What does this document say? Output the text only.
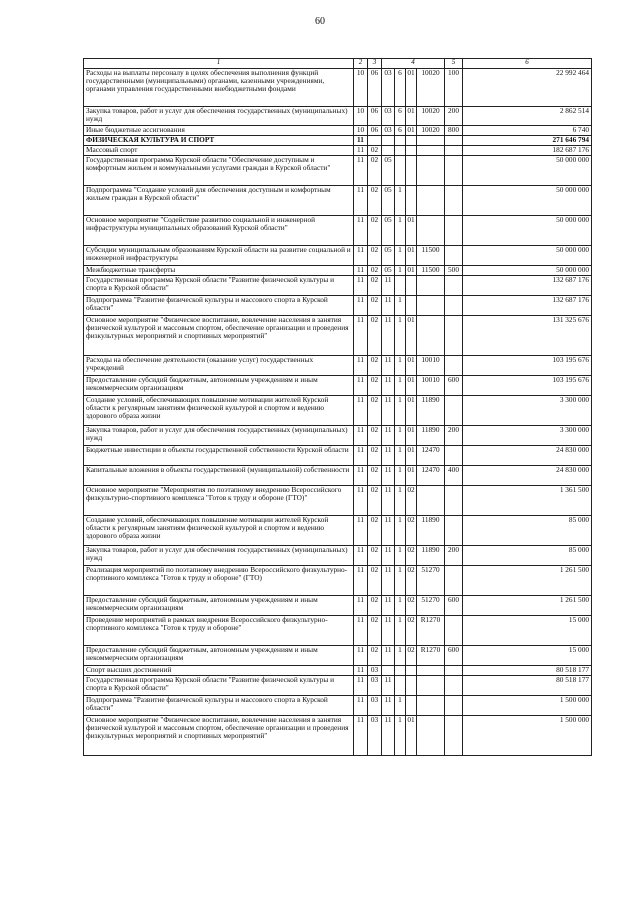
60
1	2	3	4				5	6
Расходы на выплаты персоналу в целях обеспечения выполнения функций государственными (муниципальными) органами, казенными учреждениями, органами управления государственными внебюджетными фондами	10	06	03	6	01	10020	100	22 992 464
Закупка товаров, работ и услуг для обеспечения государственных (муниципальных) нужд	10	06	03	6	01	10020	200	2 862 514
Иные бюджетные ассигнования	10	06	03	6	01	10020	800	6 740
ФИЗИЧЕСКАЯ КУЛЬТУРА И СПОРТ	11							271 646 794
Массовый спорт	11	02						182 687 176
Государственная программа Курской области "Обеспечение доступным и комфортным жильем и коммунальными услугами граждан в Курской области"	11	02	05					50 000 000
Подпрограмма "Создание условий для обеспечения доступным и комфортным жильем граждан в Курской области"	11	02	05	1				50 000 000
Основное мероприятие "Содействие развитию социальной и инженерной инфраструктуры муниципальных образований Курской области"	11	02	05	1	01			50 000 000
Субсидии муниципальным образованиям Курской области на развитие социальной и инженерной инфраструктуры	11	02	05	1	01	11500		50 000 000
Межбюджетные трансферты	11	02	05	1	01	11500	500	50 000 000
Государственная программа Курской области "Развитие физической культуры и спорта в Курской области"	11	02	11					132 687 176
Подпрограмма "Развитие физической культуры и массового спорта в Курской области"	11	02	11	1				132 687 176
Основное мероприятие "Физическое воспитание, вовлечение населения в занятия физической культурой и массовым спортом, обеспечение организации и проведения физкультурных мероприятий и спортивных мероприятий"	11	02	11	1	01			131 325 676
Расходы на обеспечение деятельности (оказание услуг) государственных учреждений	11	02	11	1	01	10010		103 195 676
Предоставление субсидий бюджетным, автономным учреждениям и иным некоммерческим организациям	11	02	11	1	01	10010	600	103 195 676
Создание условий, обеспечивающих повышение мотивации жителей Курской области к регулярным занятиям физической культурой и спортом и ведению здорового образа жизни	11	02	11	1	01	11890		3 300 000
Закупка товаров, работ и услуг для обеспечения государственных (муниципальных) нужд	11	02	11	1	01	11890	200	3 300 000
Бюджетные инвестиции в объекты государственной собственности Курской области	11	02	11	1	01	12470		24 830 000
Капитальные вложения в объекты государственной (муниципальной) собственности	11	02	11	1	01	12470	400	24 830 000
Основное мероприятие "Мероприятия по поэтапному внедрению Всероссийского физкультурно-спортивного комплекса "Готов к труду и обороне (ГТО)"	11	02	11	1	02			1 361 500
Создание условий, обеспечивающих повышение мотивации жителей Курской области к регулярным занятиям физической культурой и спортом и ведению здорового образа жизни	11	02	11	1	02	11890		85 000
Закупка товаров, работ и услуг для обеспечения государственных (муниципальных) нужд	11	02	11	1	02	11890	200	85 000
Реализация мероприятий по поэтапному внедрению Всероссийского физкультурно-спортивного комплекса "Готов к труду и обороне" (ГТО)	11	02	11	1	02	51270		1 261 500
Предоставление субсидий бюджетным, автономным учреждениям и иным некоммерческим организациям	11	02	11	1	02	51270	600	1 261 500
Проведение мероприятий в рамках внедрения Всероссийского физкультурно-спортивного комплекса "Готов к труду и обороне"	11	02	11	1	02	R1270		15 000
Предоставление субсидий бюджетным, автономным учреждениям и иным некоммерческим организациям	11	02	11	1	02	R1270	600	15 000
Спорт высших достижений	11	03						80 518 177
Государственная программа Курской области "Развитие физической культуры и спорта в Курской области"	11	03	11					80 518 177
Подпрограмма "Развитие физической культуры и массового спорта в Курской области"	11	03	11	1				1 500 000
Основное мероприятие "Физическое воспитание, вовлечение населения в занятия физической культурой и массовым спортом, обеспечение организации и проведения физкультурных мероприятий и спортивных мероприятий"	11	03	11	1	01			1 500 000
